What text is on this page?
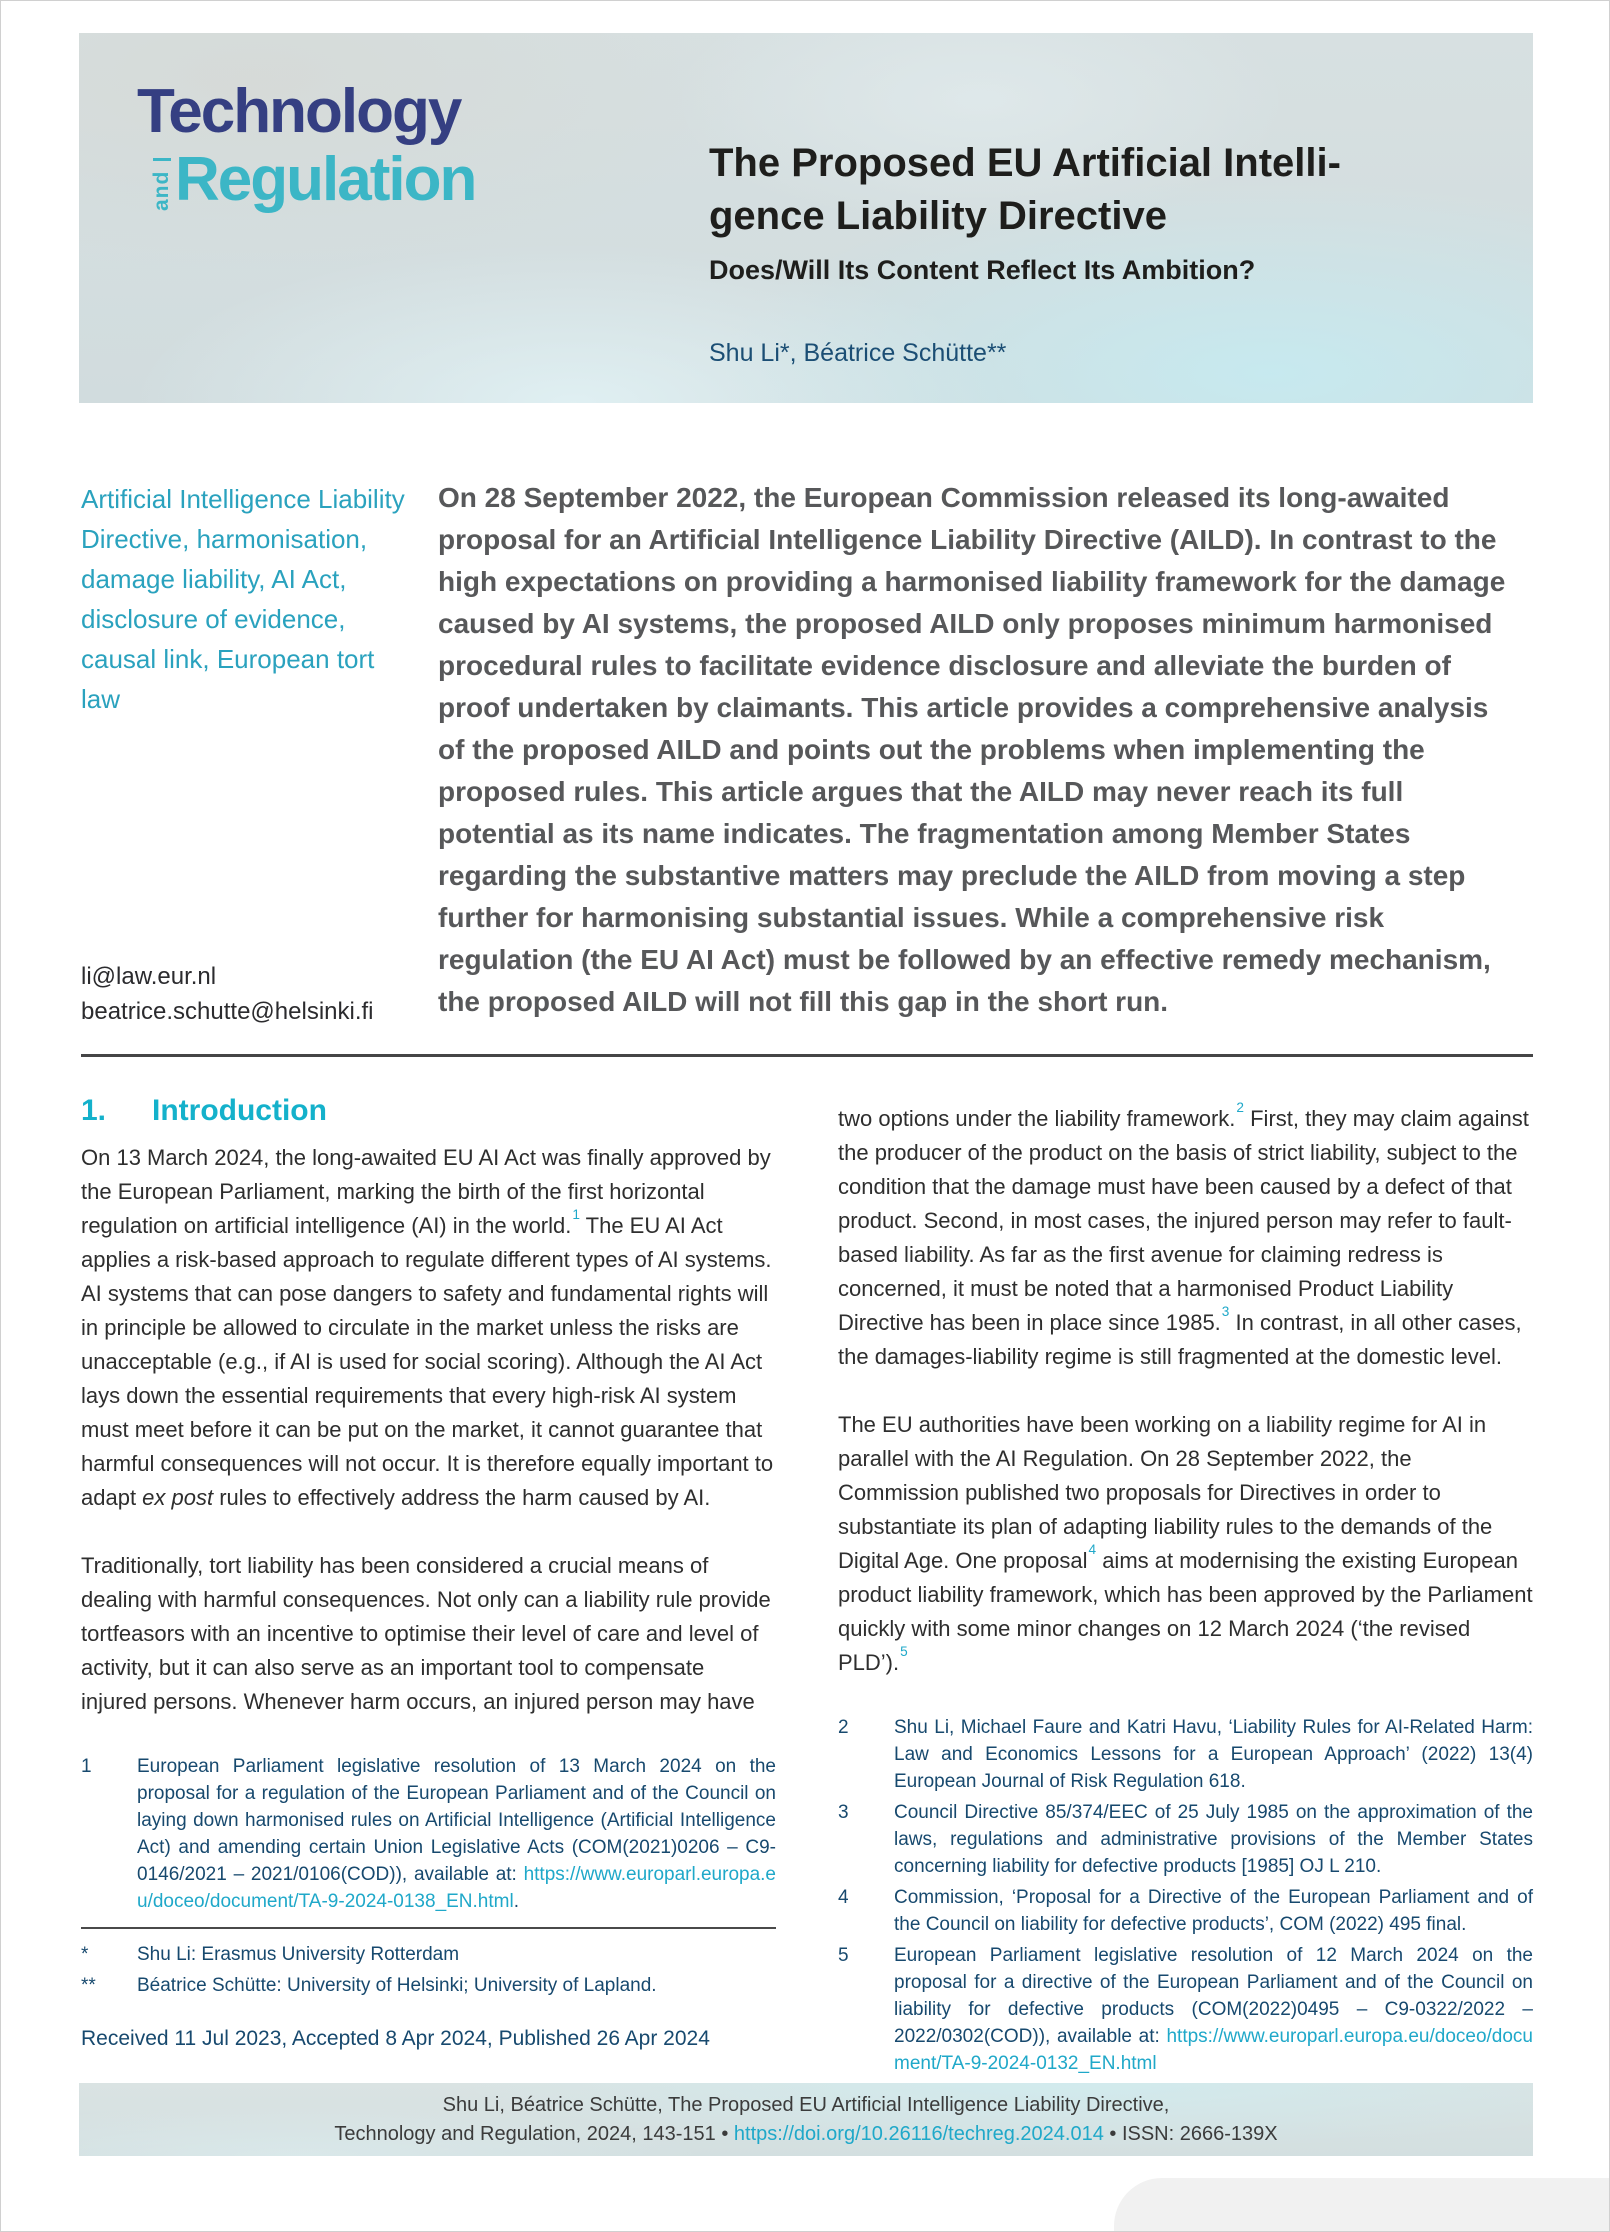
Technology
and Regulation	The Proposed EU Artificial Intelli-
gence Liability Directive
Does/Will Its Content Reflect Its Ambition?
Shu Li*, Béatrice Schütte**
Artificial Intelligence Liability Directive, harmonisation, damage liability, AI Act, disclosure of evidence, causal link, European tort law
li@law.eur.nl
beatrice.schutte@helsinki.fi
On 28 September 2022, the European Commission released its long-awaited proposal for an Artificial Intelligence Liability Directive (AILD). In contrast to the high expectations on providing a harmonised liability framework for the damage caused by AI systems, the proposed AILD only proposes minimum harmonised procedural rules to facilitate evidence disclosure and alleviate the burden of proof undertaken by claimants. This article provides a comprehensive analysis of the proposed AILD and points out the problems when implementing the proposed rules. This article argues that the AILD may never reach its full potential as its name indicates. The fragmentation among Member States regarding the substantive matters may preclude the AILD from moving a step further for harmonising substantial issues. While a comprehensive risk regulation (the EU AI Act) must be followed by an effective remedy mechanism, the proposed AILD will not fill this gap in the short run.
1.	Introduction

On 13 March 2024, the long-awaited EU AI Act was finally approved by the European Parliament, marking the birth of the first horizontal regulation on artificial intelligence (AI) in the world.$^1$ The EU AI Act applies a risk-based approach to regulate different types of AI systems. AI systems that can pose dangers to safety and fundamental rights will in principle be allowed to circulate in the market unless the risks are unacceptable (e.g., if AI is used for social scoring). Although the AI Act lays down the essential requirements that every high-risk AI system must meet before it can be put on the market, it cannot guarantee that harmful consequences will not occur. It is therefore equally important to adapt ex post rules to effectively address the harm caused by AI.

Traditionally, tort liability has been considered a crucial means of dealing with harmful consequences. Not only can a liability rule provide tortfeasors with an incentive to optimise their level of care and level of activity, but it can also serve as an important tool to compensate injured persons. Whenever harm occurs, an injured person may have

1	European Parliament legislative resolution of 13 March 2024 on the proposal for a regulation of the European Parliament and of the Council on laying down harmonised rules on Artificial Intelligence (Artificial Intelligence Act) and amending certain Union Legislative Acts (COM(2021)0206 – C9-0146/2021 – 2021/0106(COD)), available at: https://www.europarl.europa.eu/doceo/document/TA-9-2024-0138_EN.html.
*	Shu Li: Erasmus University Rotterdam
**	Béatrice Schütte: University of Helsinki; University of Lapland.
Received 11 Jul 2023, Accepted 8 Apr 2024, Published 26 Apr 2024

two options under the liability framework.$^2$ First, they may claim against the producer of the product on the basis of strict liability, subject to the condition that the damage must have been caused by a defect of that product. Second, in most cases, the injured person may refer to fault-based liability. As far as the first avenue for claiming redress is concerned, it must be noted that a harmonised Product Liability Directive has been in place since 1985.$^3$ In contrast, in all other cases, the damages-liability regime is still fragmented at the domestic level.

The EU authorities have been working on a liability regime for AI in parallel with the AI Regulation. On 28 September 2022, the Commission published two proposals for Directives in order to substantiate its plan of adapting liability rules to the demands of the Digital Age. One proposal$^4$ aims at modernising the existing European product liability framework, which has been approved by the Parliament quickly with some minor changes on 12 March 2024 (‘the revised PLD’).$^5$

2	Shu Li, Michael Faure and Katri Havu, ‘Liability Rules for AI-Related Harm: Law and Economics Lessons for a European Approach’ (2022) 13(4) European Journal of Risk Regulation 618.
3	Council Directive 85/374/EEC of 25 July 1985 on the approximation of the laws, regulations and administrative provisions of the Member States concerning liability for defective products [1985] OJ L 210.
4	Commission, ‘Proposal for a Directive of the European Parliament and of the Council on liability for defective products’, COM (2022) 495 final.
5	European Parliament legislative resolution of 12 March 2024 on the proposal for a directive of the European Parliament and of the Council on liability for defective products (COM(2022)0495 – C9-0322/2022 – 2022/0302(COD)), available at: https://www.europarl.europa.eu/doceo/document/TA-9-2024-0132_EN.html
Shu Li, Béatrice Schütte, The Proposed EU Artificial Intelligence Liability Directive,
Technology and Regulation, 2024, 143-151 • https://doi.org/10.26116/techreg.2024.014 • ISSN: 2666-139X
